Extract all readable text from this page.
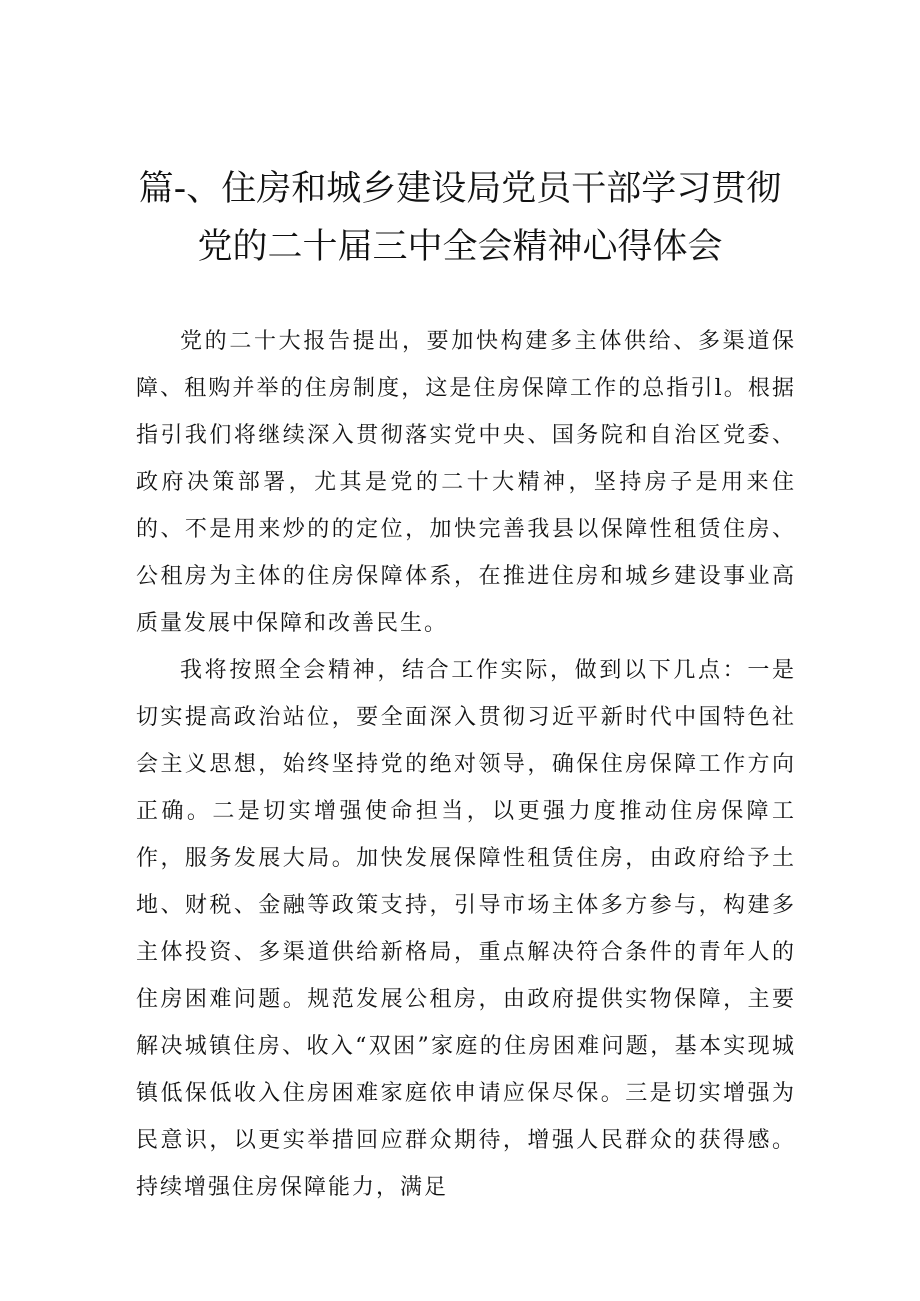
篇-、住房和城乡建设局党员干部学习贯彻
党的二十届三中全会精神心得体会

党的二十大报告提出，要加快构建多主体供给、多渠道保障、租购并举的住房制度，这是住房保障工作的总指引l。根据指引我们将继续深入贯彻落实党中央、国务院和自治区党委、政府决策部署，尤其是党的二十大精神，坚持房子是用来住的、不是用来炒的的定位，加快完善我县以保障性租赁住房、公租房为主体的住房保障体系，在推进住房和城乡建设事业高质量发展中保障和改善民生。

我将按照全会精神，结合工作实际，做到以下几点：一是切实提高政治站位，要全面深入贯彻习近平新时代中国特色社会主义思想，始终坚持党的绝对领导，确保住房保障工作方向正确。二是切实增强使命担当，以更强力度推动住房保障工作，服务发展大局。加快发展保障性租赁住房，由政府给予土地、财税、金融等政策支持，引导市场主体多方参与，构建多主体投资、多渠道供给新格局，重点解决符合条件的青年人的住房困难问题。规范发展公租房，由政府提供实物保障，主要解决城镇住房、收入“双困”家庭的住房困难问题，基本实现城镇低保低收入住房困难家庭依申请应保尽保。三是切实增强为民意识，以更实举措回应群众期待，增强人民群众的获得感。持续增强住房保障能力，满足
